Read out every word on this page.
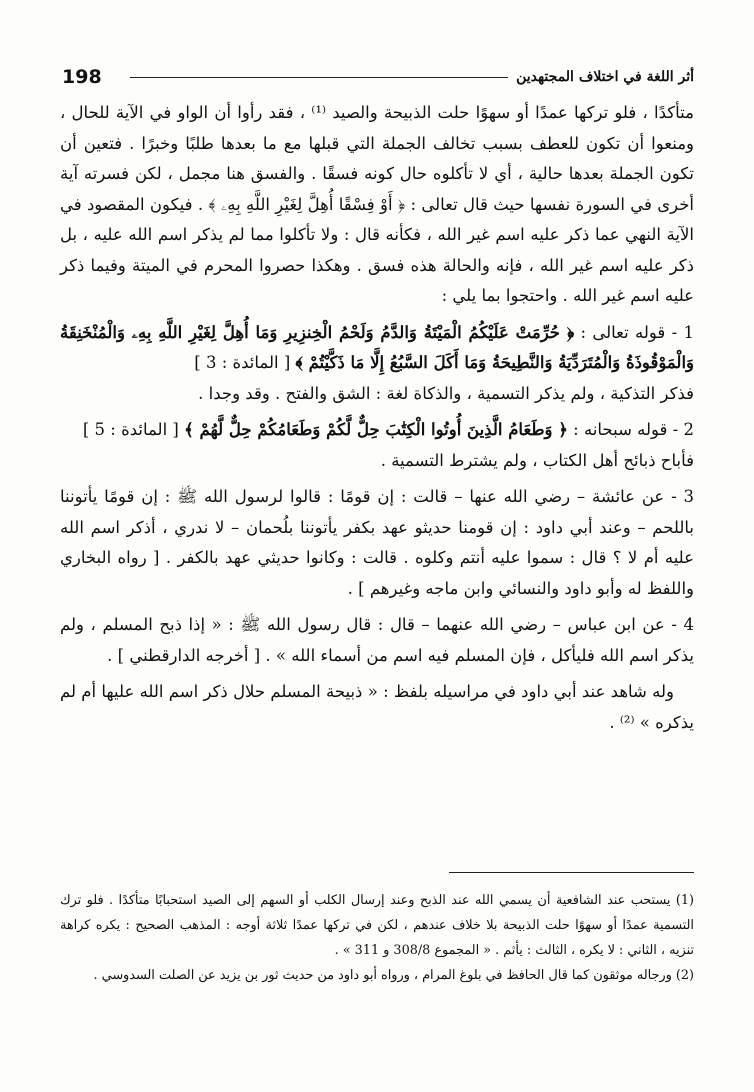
198	أثر اللغة في اختلاف المجتهدين

متأكدًا ، فلو تركها عمدًا أو سهوًا حلت الذبيحة والصيد ⁽¹⁾ ، فقد رأوا أن الواو في الآية للحال ، ومنعوا أن تكون للعطف بسبب تخالف الجملة التي قبلها مع ما بعدها طلبًا وخبرًا . فتعين أن تكون الجملة بعدها حالية ، أي لا تأكلوه حال كونه فسقًا . والفسق هنا مجمل ، لكن فسرته آية أخرى في السورة نفسها حيث قال تعالى : ﴿ أَوْ فِسْقًا أُهِلَّ لِغَيْرِ اللَّهِ بِهِۦ ﴾ . فيكون المقصود في الآية النهي عما ذكر عليه اسم غير الله ، فكأنه قال : ولا تأكلوا مما لم يذكر اسم الله عليه ، بل ذكر عليه اسم غير الله ، فإنه والحالة هذه فسق . وهكذا حصروا المحرم في الميتة وفيما ذكر عليه اسم غير الله . واحتجوا بما يلي :

1 - قوله تعالى : ﴿ حُرِّمَتْ عَلَيْكُمُ الْمَيْتَةُ وَالدَّمُ وَلَحْمُ الْخِنزِيرِ وَمَا أُهِلَّ لِغَيْرِ اللَّهِ بِهِۦ وَالْمُنْخَنِقَةُ وَالْمَوْقُوذَةُ وَالْمُتَرَدِّيَةُ وَالنَّطِيحَةُ وَمَا أَكَلَ السَّبُعُ إِلَّا مَا ذَكَّيْتُمْ ﴾ [ المائدة : 3 ]
فذكر التذكية ، ولم يذكر التسمية ، والذكاة لغة : الشق والفتح . وقد وجدا .

2 - قوله سبحانه : ﴿ وَطَعَامُ الَّذِينَ أُوتُوا الْكِتَٰبَ حِلٌّ لَّكُمْ وَطَعَامُكُمْ حِلٌّ لَّهُمْ ﴾ [ المائدة : 5 ]
فأباح ذبائح أهل الكتاب ، ولم يشترط التسمية .

3 - عن عائشة – رضي الله عنها – قالت : إن قومًا : قالوا لرسول الله ﷺ : إن قومًا يأتوننا باللحم – وعند أبي داود : إن قومنا حديثو عهد بكفر يأتوننا بلُحمان – لا ندري ، أذكر اسم الله عليه أم لا ؟ قال : سموا عليه أنتم وكلوه . قالت : وكانوا حديثي عهد بالكفر . [ رواه البخاري واللفظ له وأبو داود والنسائي وابن ماجه وغيرهم ] .

4 - عن ابن عباس – رضي الله عنهما – قال : قال رسول الله ﷺ : « إذا ذبح المسلم ، ولم يذكر اسم الله فليأكل ، فإن المسلم فيه اسم من أسماء الله » . [ أخرجه الدارقطني ] .

وله شاهد عند أبي داود في مراسيله بلفظ : « ذبيحة المسلم حلال ذكر اسم الله عليها أم لم يذكره » ⁽²⁾ .

(1) يستحب عند الشافعية أن يسمي الله عند الذبح وعند إرسال الكلب أو السهم إلى الصيد استحبابًا متأكدًا . فلو ترك التسمية عمدًا أو سهوًا حلت الذبيحة بلا خلاف عندهم ، لكن في تركها عمدًا ثلاثة أوجه : المذهب الصحيح : يكره كراهة تنزيه ، الثاني : لا يكره ، الثالث : يأثم . « المجموع 308/8 و 311 » .

(2) ورجاله موثقون كما قال الحافظ في بلوغ المرام ، ورواه أبو داود من حديث ثور بن يزيد عن الصلت السدوسي .
